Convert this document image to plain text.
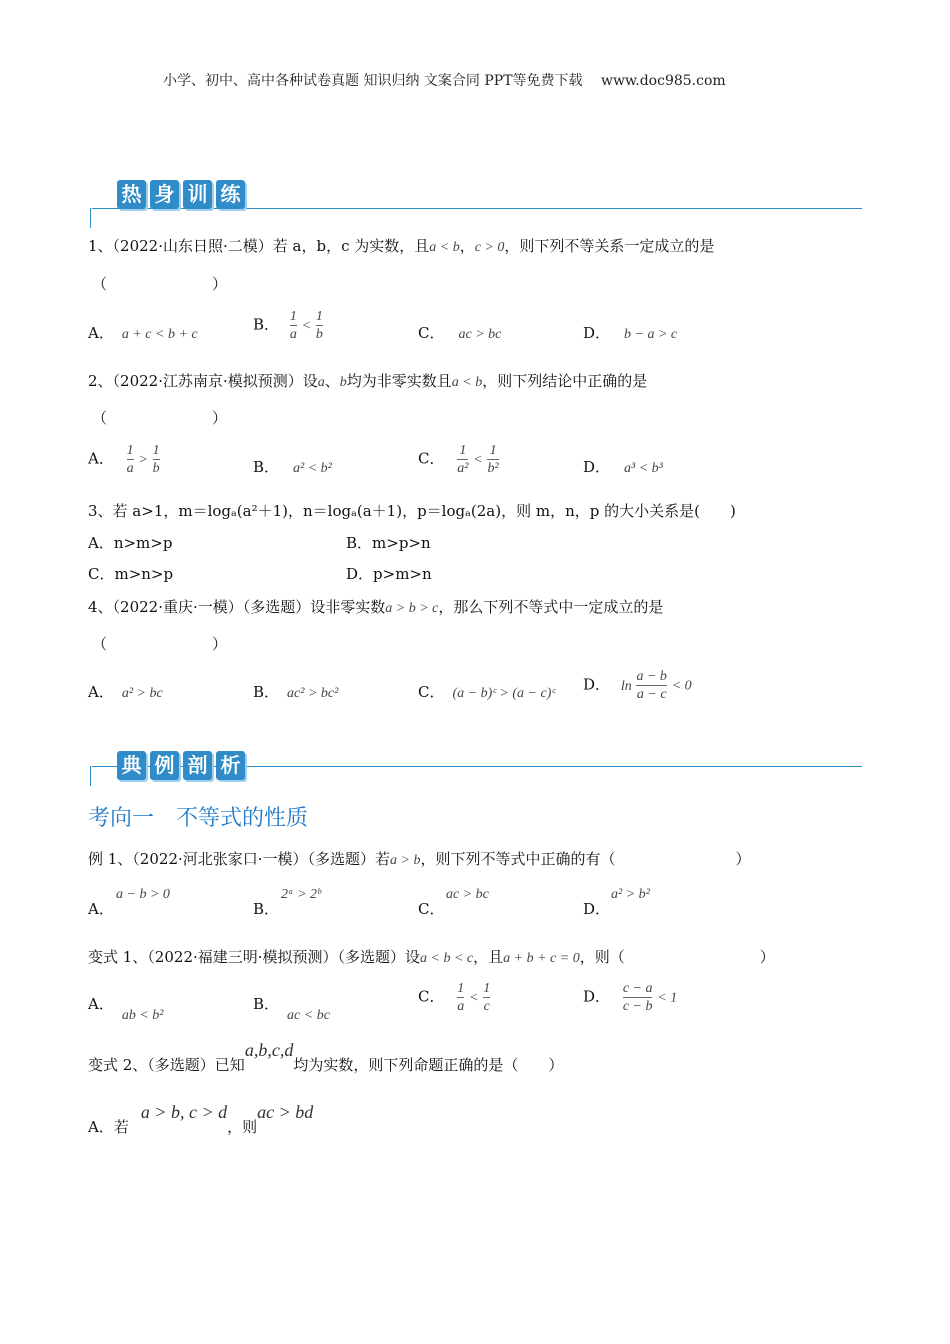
小学、初中、高中各种试卷真题 知识归纳 文案合同 PPT等免费下载　 www.doc985.com
热 身 训 练
1、（2022·山东日照·二模）若 a，b，c 为实数，且a < b，c > 0，则下列不等关系一定成立的是
（　　　　　　　）
A． a + c < b + c
B． $\frac{1}{a} < \frac{1}{b}$	C． ac > bc	D． b − a > c
2、（2022·江苏南京·模拟预测）设a、b均为非零实数且a < b，则下列结论中正确的是
（　　　　　　　）
A． $\frac{1}{a} > \frac{1}{b}$	B． a² < b²
C． $\frac{1}{\text{a²}} < \frac{1}{\text{b²}}$	D． a³ < b³
3、若 a>1，m＝logₐ(a²＋1)，n＝logₐ(a＋1)，p＝logₐ(2a)，则 m，n，p 的大小关系是(　　)
A．n>m>p	B．m>p>n
C．m>n>p	D．p>m>n
4、（2022·重庆·一模）（多选题）设非零实数a > b > c，那么下列不等式中一定成立的是
（　　　　　　　）
A． a² > bc	B． ac² > bc²	C． (a − b)ᶜ > (a − c)ᶜ D． $\ln \frac{a - b}{a - c} < 0$
典 例 剖 析
考向一　不等式的性质
例 1、（2022·河北张家口·一模）（多选题）若a > b，则下列不等式中正确的有（　　　　　　　　）
a − b > 0
A．
2ᵃ > 2ᵇ
B．
ac > bc
C．
a² > b²
D．
变式 1、（2022·福建三明·模拟预测）（多选题）设a < b < c，且a + b + c = 0，则（　　　　　　　　　）
A．ab < b²
B．ac < bc
C． $\frac{1}{a} < \frac{1}{c}$	D． $\frac{c - a}{c - b} < 1$
变式 2、（多选题）已知a,b,c,d均为实数，则下列命题正确的是（　　）
A．若a > b, c > d，则ac > bd
